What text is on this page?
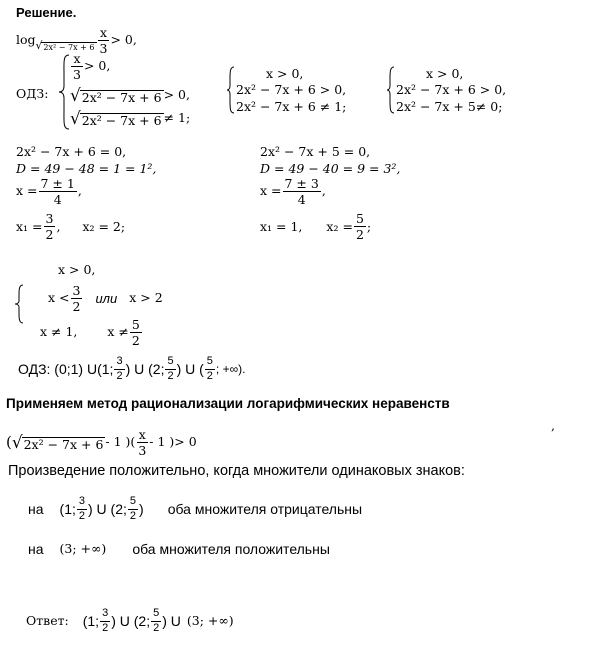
Решение.
log √ $2x^2 - 7x + 6 \frac{x}{3} > 0$,
ОДЗ:
$\frac{x}{3} > 0$,
√ 2x² − 7x + 6 > 0,
√ 2x² − 7x + 6 ≠ 1;
x > 0,
2x² − 7x + 6 > 0,
2x² − 7x + 6 ≠ 1;
x > 0,
2x² − 7x + 6 > 0,
2x² − 7x + 5≠ 0;
2x² − 7x + 6 = 0,
D = 49 − 48 = 1 = 1²,
$x = \frac{7 \pm 1}{4}$ ,
$x_1 = \frac{3}{2}$ , x₂ = 2;
2x² − 7x + 5 = 0,
D = 49 − 40 = 9 = 3²,
$x = \frac{7 \pm 3}{4}$ ,
x₁ = 1, $x_2 = \frac{5}{2}$ ;
x > 0,
$x < \frac{3}{2}$ или x > 2
x ≠ 1, $x \ne \frac{5}{2}$
ОДЗ: (0;1) U(1; $\frac{3}{2}$ ) U (2; $\frac{5}{2}$ ) U ( $\frac{5}{2}$ ; +∞).
Применяем метод рационализации логарифмических неравенств
( √ 2x² − 7x + 6 - 1 ) ( $\frac{x}{3} - 1$ ) > 0
,
Произведение положительно, когда множители одинаковых знаков:
на (1; $\frac{3}{2}$ ) U (2; $\frac{5}{2}$ ) оба множителя отрицательны
на (3; +∞) оба множителя положительны
Ответ: (1; $\frac{3}{2}$ ) U (2; $\frac{5}{2}$ ) U (3; +∞)
